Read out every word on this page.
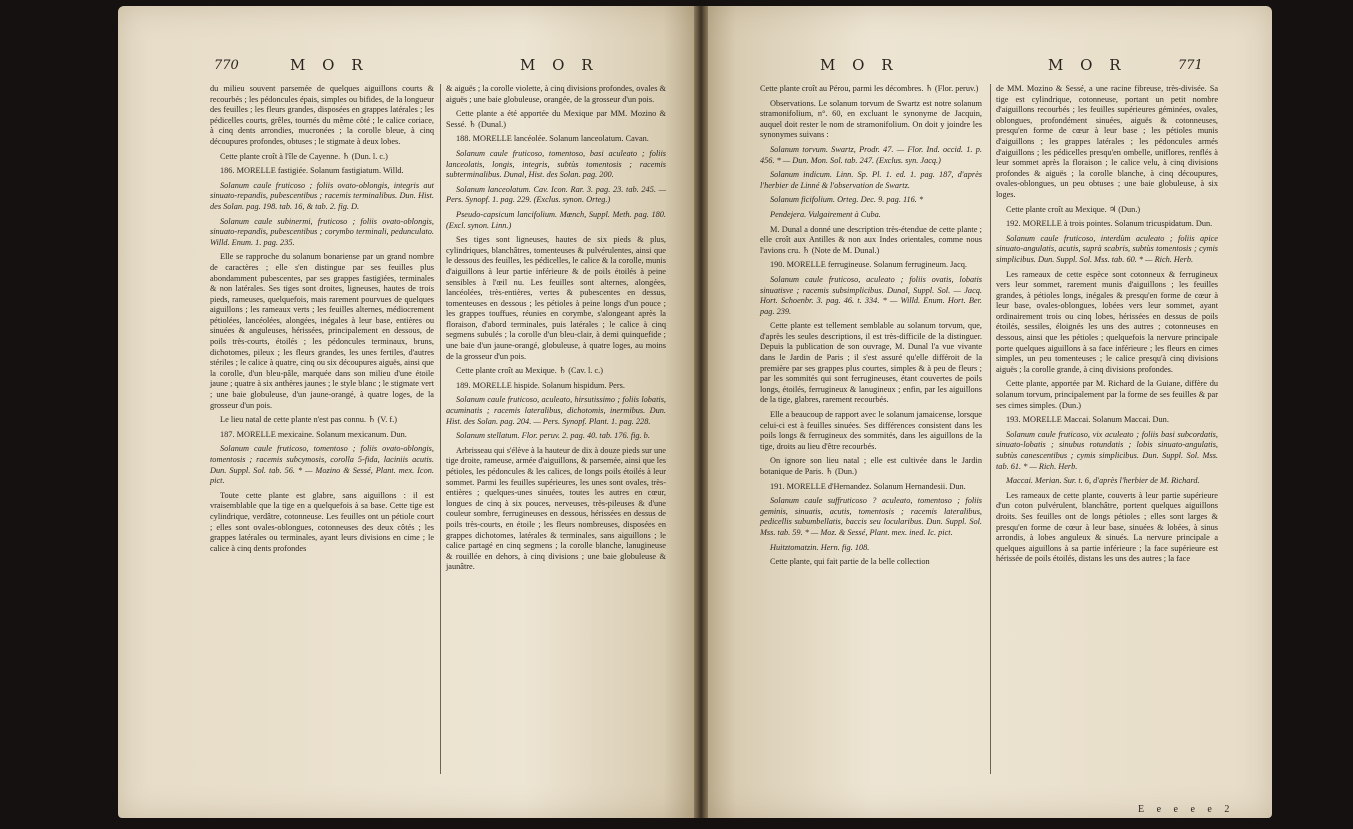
770	M O R	M O R	M O R	M O R	771

du milieu souvent parsemée de quelques aiguillons courts & recourbés ; les pédoncules épais, simples ou bifides, de la longueur des feuilles ; les fleurs grandes, disposées en grappes latérales ; les pédicelles courts, grêles, tournés du même côté ; le calice coriace, à cinq dents arrondies, mucronées ; la corolle bleue, à cinq découpures profondes, obtuses ; le stigmate à deux lobes.

Cette plante croît à l'île de Cayenne. ♄ (Dun. l. c.)

186. MORELLE fastigiée. Solanum fastigiatum. Willd.

Solanum caule fruticoso ; foliis ovato-oblongis, integris aut sinuato-repandis, pubescentibus ; racemis terminalibus. Dun. Hist. des Solan. pag. 198. tab. 16, & tab. 2. fig. D.

Solanum caule subinermi, fruticoso ; foliis ovato-oblongis, sinuato-repandis, pubescentibus ; corymbo terminali, pedunculato. Willd. Enum. 1. pag. 235.

Elle se rapproche du solanum bonariense par un grand nombre de caractères ; elle s'en distingue par ses feuilles plus abondamment pubescentes, par ses grappes fastigiées, terminales & non latérales. Ses tiges sont droites, ligneuses, hautes de trois pieds, rameuses, quelquefois, mais rarement pourvues de quelques aiguillons ; les rameaux verts ; les feuilles alternes, médiocrement pétiolées, lancéolées, alongées, inégales à leur base, entières ou sinuées & anguleuses, hérissées, principalement en dessous, de poils très-courts, étoilés ; les pédoncules terminaux, bruns, dichotomes, pileux ; les fleurs grandes, les unes fertiles, d'autres stériles ; le calice à quatre, cinq ou six découpures aiguës, ainsi que la corolle, d'un bleu-pâle, marquée dans son milieu d'une étoile jaune ; quatre à six anthères jaunes ; le style blanc ; le stigmate vert ; une baie globuleuse, d'un jaune-orangé, à quatre loges, de la grosseur d'un pois.

Le lieu natal de cette plante n'est pas connu. ♄ (V. f.)

187. MORELLE mexicaine. Solanum mexicanum. Dun.

Solanum caule fruticoso, tomentoso ; foliis ovato-oblongis, tomentosis ; racemis subcymosis, corolla 5-fida, laciniis acutis. Dun. Suppl. Sol. tab. 56. * — Mozino & Sessé, Plant. mex. Icon. pict.

Toute cette plante est glabre, sans aiguillons : il est vraisemblable que la tige en a quelquefois à sa base. Cette tige est cylindrique, verdâtre, cotonneuse. Les feuilles ont un pétiole court ; elles sont ovales-oblongues, cotonneuses des deux côtés ; les grappes latérales ou terminales, ayant leurs divisions en cime ; le calice à cinq dents profondes

& aiguës ; la corolle violette, à cinq divisions profondes, ovales & aiguës ; une baie globuleuse, orangée, de la grosseur d'un pois.

Cette plante a été apportée du Mexique par MM. Mozino & Sessé. ♄ (Dunal.)

188. MORELLE lancéolée. Solanum lanceolatum. Cavan.

Solanum caule fruticoso, tomentoso, basi aculeato ; foliis lanceolatis, longis, integris, subtùs tomentosis ; racemis subterminalibus. Dunal, Hist. des Solan. pag. 200.

Solanum lanceolatum. Cav. Icon. Rar. 3. pag. 23. tab. 245. — Pers. Synopf. 1. pag. 229. (Exclus. synon. Orteg.)

Pseudo-capsicum lancifolium. Mœnch, Suppl. Meth. pag. 180. (Excl. synon. Linn.)

Ses tiges sont ligneuses, hautes de six pieds & plus, cylindriques, blanchâtres, tomenteuses & pulvérulentes, ainsi que le dessous des feuilles, les pédicelles, le calice & la corolle, munis d'aiguillons à leur partie inférieure & de poils étoilés à peine sensibles à l'œil nu. Les feuilles sont alternes, alongées, lancéolées, très-entières, vertes & pubescentes en dessus, tomenteuses en dessous ; les pétioles à peine longs d'un pouce ; les grappes touffues, réunies en corymbe, s'alongeant après la floraison, d'abord terminales, puis latérales ; le calice à cinq segmens subulés ; la corolle d'un bleu-clair, à demi quinquefide ; une baie d'un jaune-orangé, globuleuse, à quatre loges, au moins de la grosseur d'un pois.

Cette plante croît au Mexique. ♄ (Cav. l. c.)

189. MORELLE hispide. Solanum hispidum. Pers.

Solanum caule fruticoso, aculeato, hirsutissimo ; foliis lobatis, acuminatis ; racemis lateralibus, dichotomis, inermibus. Dun. Hist. des Solan. pag. 204. — Pers. Synopf. Plant. 1. pag. 228.

Solanum stellatum. Flor. peruv. 2. pag. 40. tab. 176. fig. b.

Arbrisseau qui s'élève à la hauteur de dix à douze pieds sur une tige droite, rameuse, armée d'aiguillons, & parsemée, ainsi que les pétioles, les pédoncules & les calices, de longs poils étoilés à leur sommet. Parmi les feuilles supérieures, les unes sont ovales, très-entières ; quelques-unes sinuées, toutes les autres en cœur, longues de cinq à six pouces, nerveuses, très-pileuses & d'une couleur sombre, ferrugineuses en dessous, hérissées en dessus de poils très-courts, en étoile ; les fleurs nombreuses, disposées en grappes dichotomes, latérales & terminales, sans aiguillons ; le calice partagé en cinq segmens ; la corolle blanche, lanugineuse & rouillée en dehors, à cinq divisions ; une baie globuleuse & jaunâtre.

Cette plante croît au Pérou, parmi les décombres. ♄ (Flor. peruv.)

Observations. Le solanum torvum de Swartz est notre solanum stramonifolium, n°. 60, en excluant le synonyme de Jacquin, auquel doit rester le nom de stramonifolium. On doit y joindre les synonymes suivans :

Solanum torvum. Swartz, Prodr. 47. — Flor. Ind. occid. 1. p. 456. * — Dun. Mon. Sol. tab. 247. (Exclus. syn. Jacq.)

Solanum indicum. Linn. Sp. Pl. 1. ed. 1. pag. 187, d'après l'herbier de Linné & l'observation de Swartz.

Solanum ficifolium. Orteg. Dec. 9. pag. 116. *

Pendejera. Vulgairement à Cuba.

M. Dunal a donné une description très-étendue de cette plante ; elle croît aux Antilles & non aux Indes orientales, comme nous l'avions cru. ♄ (Note de M. Dunal.)

190. MORELLE ferrugineuse. Solanum ferrugineum. Jacq.

Solanum caule fruticoso, aculeato ; foliis ovatis, lobatis sinuatisve ; racemis subsimplicibus. Dunal, Suppl. Sol. — Jacq. Hort. Schoenbr. 3. pag. 46. t. 334. * — Willd. Enum. Hort. Ber. pag. 239.

Cette plante est tellement semblable au solanum torvum, que, d'après les seules descriptions, il est très-difficile de la distinguer. Depuis la publication de son ouvrage, M. Dunal l'a vue vivante dans le Jardin de Paris ; il s'est assuré qu'elle différoit de la première par ses grappes plus courtes, simples & à peu de fleurs ; par les sommités qui sont ferrugineuses, étant couvertes de poils longs, étoilés, ferrugineux & lanugineux ; enfin, par les aiguillons de la tige, glabres, rarement recourbés.

Elle a beaucoup de rapport avec le solanum jamaicense, lorsque celui-ci est à feuilles sinuées. Ses différences consistent dans les poils longs & ferrugineux des sommités, dans les aiguillons de la tige, droits au lieu d'être recourbés.

On ignore son lieu natal ; elle est cultivée dans le Jardin botanique de Paris. ♄ (Dun.)

191. MORELLE d'Hernandez. Solanum Hernandesii. Dun.

Solanum caule suffruticoso ? aculeato, tomentoso ; foliis geminis, sinuatis, acutis, tomentosis ; racemis lateralibus, pedicellis subumbellatis, baccis seu locularibus. Dun. Suppl. Sol. Mss. tab. 59. * — Moz. & Sessé, Plant. mex. ined. Ic. pict.

Huitztomatzin. Hern. fig. 108.

Cette plante, qui fait partie de la belle collection

de MM. Mozino & Sessé, a une racine fibreuse, très-divisée. Sa tige est cylindrique, cotonneuse, portant un petit nombre d'aiguillons recourbés ; les feuilles supérieures géminées, ovales, oblongues, profondément sinuées, aiguës & cotonneuses, presqu'en forme de cœur à leur base ; les pétioles munis d'aiguillons ; les grappes latérales ; les pédoncules armés d'aiguillons ; les pédicelles presqu'en ombelle, uniflores, renflés à leur sommet après la floraison ; le calice velu, à cinq divisions profondes & aiguës ; la corolle blanche, à cinq découpures, ovales-oblongues, un peu obtuses ; une baie globuleuse, à six loges.

Cette plante croît au Mexique. ♃ (Dun.)

192. MORELLE à trois pointes. Solanum tricuspidatum. Dun.

Solanum caule fruticoso, interdùm aculeato ; foliis apice sinuato-angulatis, acutis, suprà scabris, subtùs tomentosis ; cymis simplicibus. Dun. Suppl. Sol. Mss. tab. 60. * — Rich. Herb.

Les rameaux de cette espèce sont cotonneux & ferrugineux vers leur sommet, rarement munis d'aiguillons ; les feuilles grandes, à pétioles longs, inégales & presqu'en forme de cœur à leur base, ovales-oblongues, lobées vers leur sommet, ayant ordinairement trois ou cinq lobes, hérissées en dessus de poils étoilés, sessiles, éloignés les uns des autres ; cotonneuses en dessous, ainsi que les pétioles ; quelquefois la nervure principale porte quelques aiguillons à sa face inférieure ; les fleurs en cimes simples, un peu tomenteuses ; le calice presqu'à cinq divisions aiguës ; la corolle grande, à cinq divisions profondes.

Cette plante, apportée par M. Richard de la Guiane, diffère du solanum torvum, principalement par la forme de ses feuilles & par ses cimes simples. (Dun.)

193. MORELLE Maccai. Solanum Maccai. Dun.

Solanum caule fruticoso, vix aculeato ; foliis basi subcordatis, sinuato-lobatis ; sinubus rotundatis ; lobis sinuato-angulatis, subtùs canescentibus ; cymis simplicibus. Dun. Suppl. Sol. Mss. tab. 61. * — Rich. Herb.

Maccai. Merian. Sur. t. 6, d'après l'herbier de M. Richard.

Les rameaux de cette plante, couverts à leur partie supérieure d'un coton pulvérulent, blanchâtre, portent quelques aiguillons droits. Ses feuilles ont de longs pétioles ; elles sont larges & presqu'en forme de cœur à leur base, sinuées & lobées, à sinus arrondis, à lobes anguleux & sinués. La nervure principale a quelques aiguillons à sa partie inférieure ; la face supérieure est hérissée de poils étoilés, distans les uns des autres ; la face

E e e e e 2
